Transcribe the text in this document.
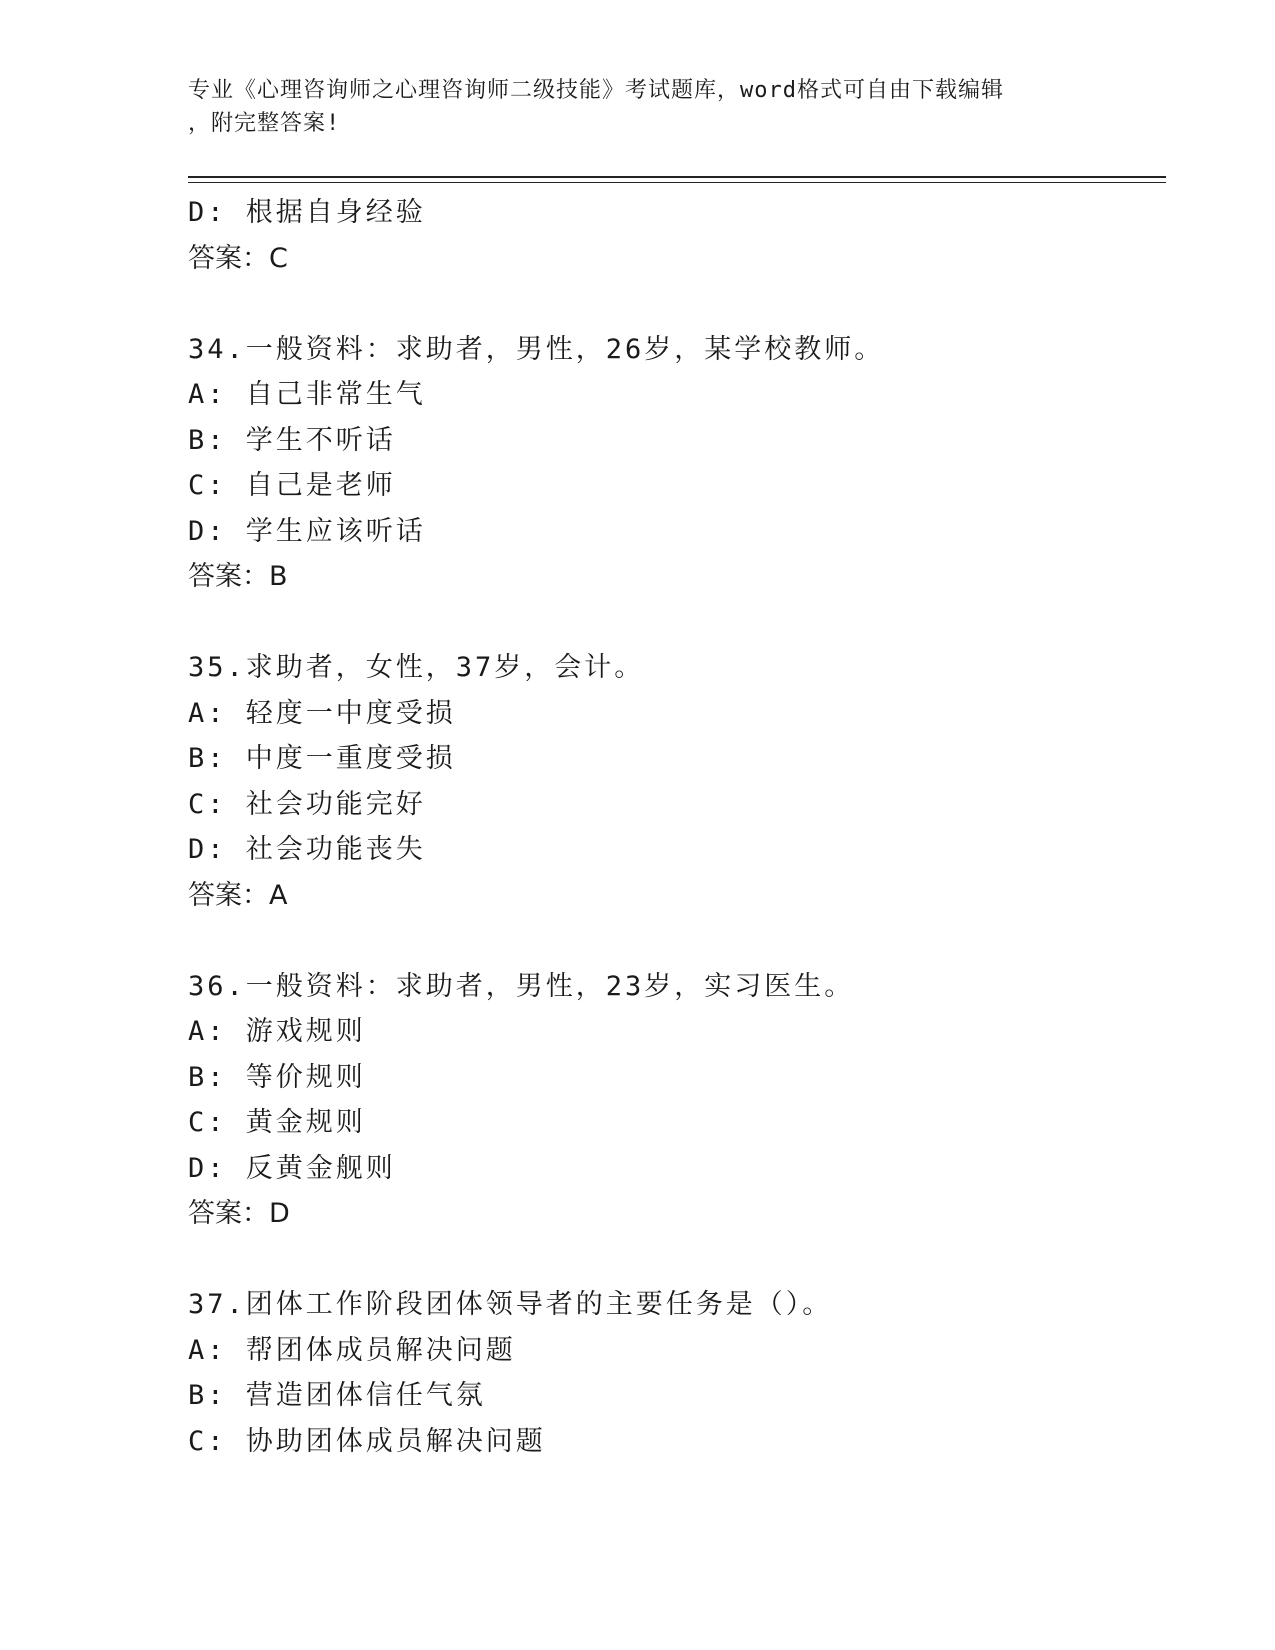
专业《心理咨询师之心理咨询师二级技能》考试题库，word格式可自由下载编辑
，附完整答案!
D: 根据自身经验
答案：C
34.一般资料：求助者，男性，26岁，某学校教师。
A: 自己非常生气
B: 学生不听话
C: 自己是老师
D: 学生应该听话
答案：B
35.求助者，女性，37岁，会计。
A: 轻度一中度受损
B: 中度一重度受损
C: 社会功能完好
D: 社会功能丧失
答案：A
36.一般资料：求助者，男性，23岁，实习医生。
A: 游戏规则
B: 等价规则
C: 黄金规则
D: 反黄金舰则
答案：D
37.团体工作阶段团体领导者的主要任务是（）。
A: 帮团体成员解决问题
B: 营造团体信任气氛
C: 协助团体成员解决问题
